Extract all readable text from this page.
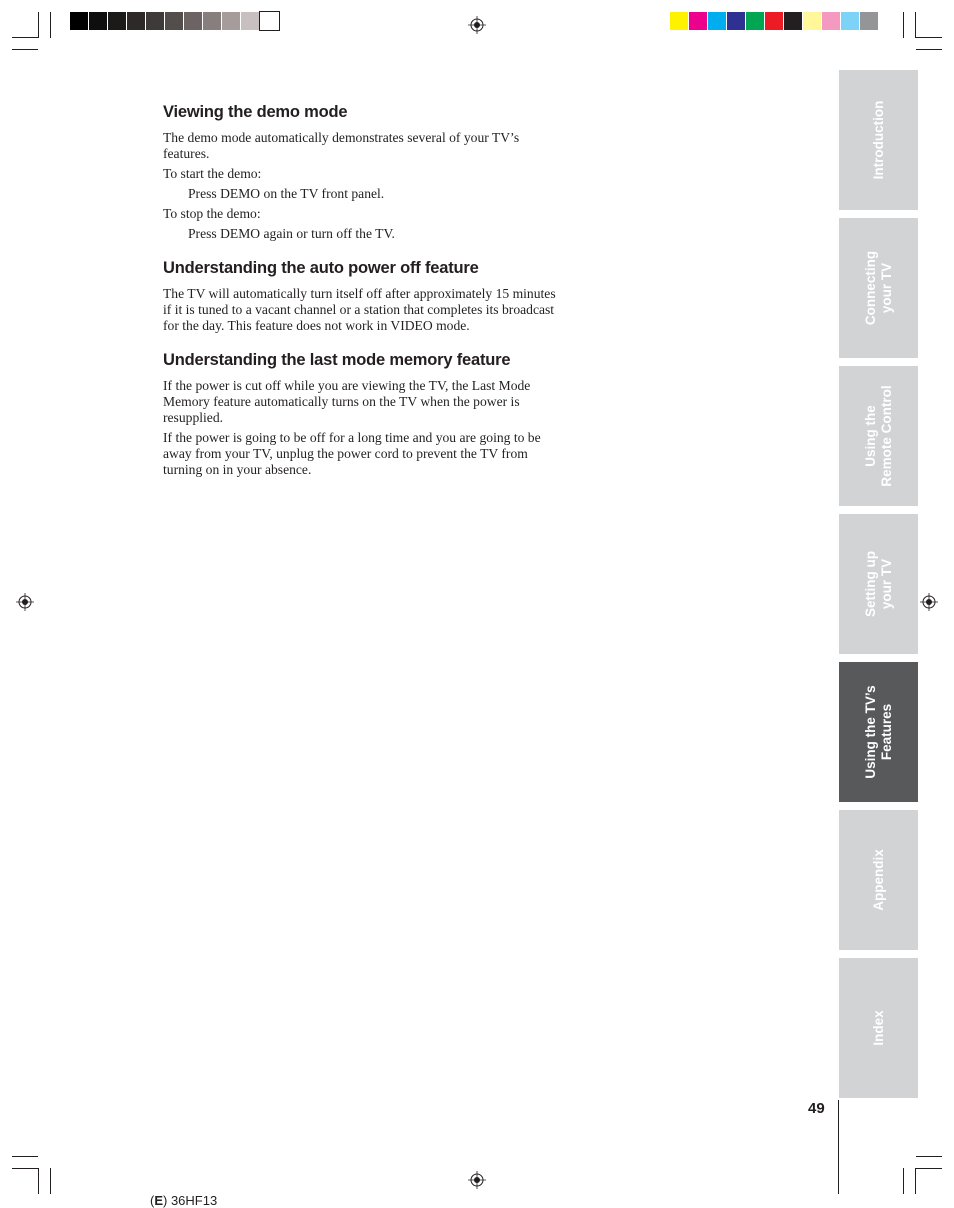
Viewing the demo mode

The demo mode automatically demonstrates several of your TV’s features.

To start the demo:

Press DEMO on the TV front panel.

To stop the demo:

Press DEMO again or turn off the TV.

Understanding the auto power off feature

The TV will automatically turn itself off after approximately 15 minutes if it is tuned to a vacant channel or a station that completes its broadcast for the day. This feature does not work in VIDEO mode.

Understanding the last mode memory feature

If the power is cut off while you are viewing the TV, the Last Mode Memory feature automatically turns on the TV when the power is resupplied.

If the power is going to be off for a long time and you are going to be away from your TV, unplug the power cord to prevent the TV from turning on in your absence.

Introduction
Connecting your TV
Using the Remote Control
Setting up your TV
Using the TV’s Features
Appendix
Index
49
(E) 36HF13
